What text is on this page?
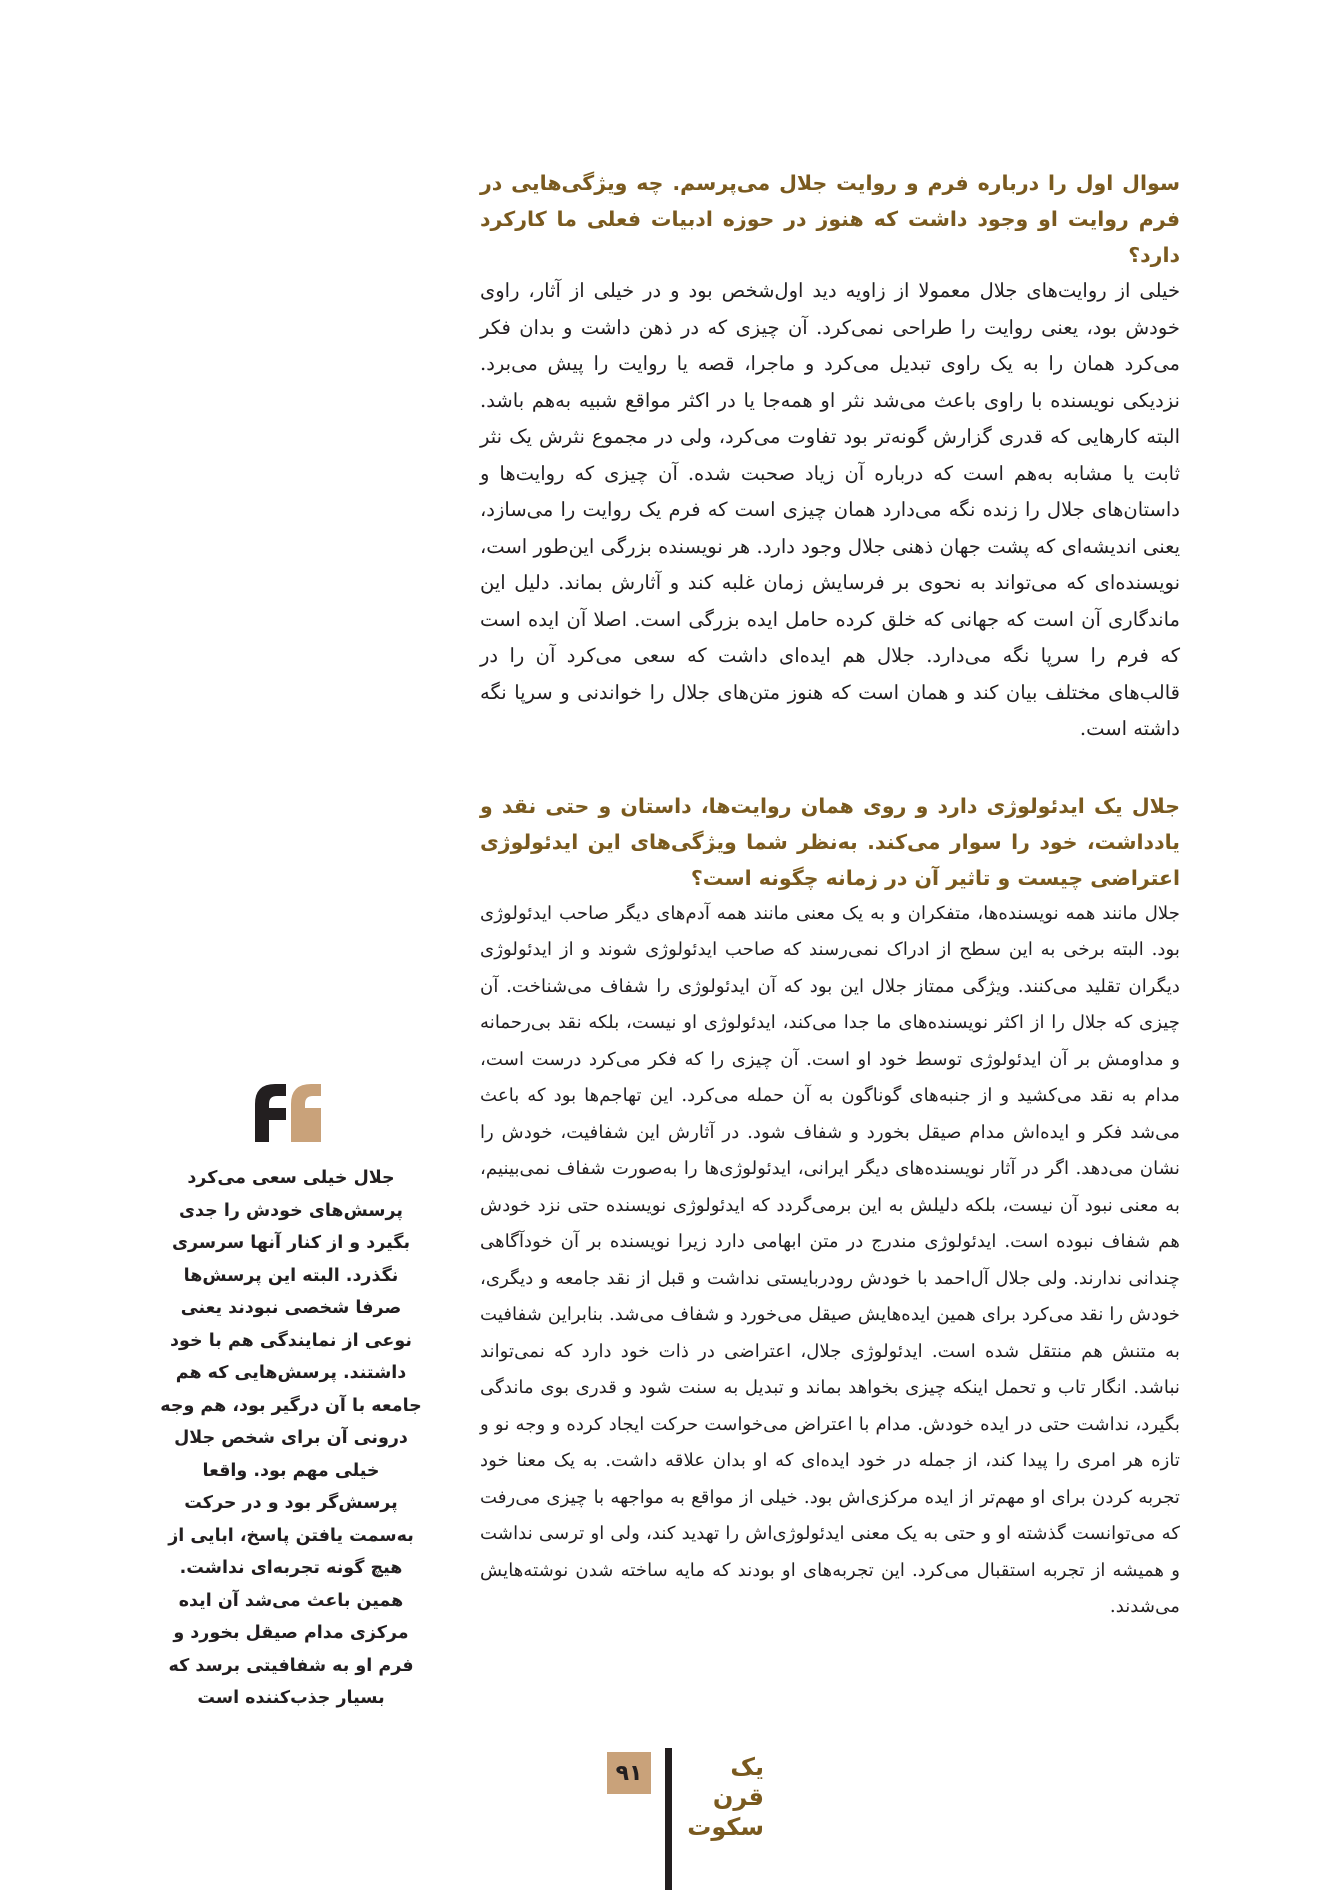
سوال اول را درباره فرم و روایت جلال می‌پرسم. چه ویژگی‌هایی در فرم روایت او وجود داشت که هنوز در حوزه ادبیات فعلی ما کارکرد دارد؟

خیلی از روایت‌های جلال معمولا از زاویه دید اول‌شخص بود و در خیلی از آثار، راوی خودش بود، یعنی روایت را طراحی نمی‌کرد. آن چیزی که در ذهن داشت و بدان فکر می‌کرد همان را به یک راوی تبدیل می‌کرد و ماجرا، قصه یا روایت را پیش می‌برد. نزدیکی نویسنده با راوی باعث می‌شد نثر او همه‌جا یا در اکثر مواقع شبیه به‌هم باشد. البته کارهایی که قدری گزارش گونه‌تر بود تفاوت می‌کرد، ولی در مجموع نثرش یک نثر ثابت یا مشابه به‌هم است که درباره آن زیاد صحبت شده. آن چیزی که روایت‌ها و داستان‌های جلال را زنده نگه می‌دارد همان چیزی است که فرم یک روایت را می‌سازد، یعنی اندیشه‌ای که پشت جهان ذهنی جلال وجود دارد. هر نویسنده بزرگی این‌طور است، نویسنده‌ای که می‌تواند به نحوی بر فرسایش زمان غلبه کند و آثارش بماند. دلیل این ماندگاری آن است که جهانی که خلق کرده حامل ایده بزرگی است. اصلا آن ایده است که فرم را سرپا نگه می‌دارد. جلال هم ایده‌ای داشت که سعی می‌کرد آن را در قالب‌های مختلف بیان کند و همان است که هنوز متن‌های جلال را خواندنی و سرپا نگه داشته است.

جلال یک ایدئولوژی دارد و روی همان روایت‌ها، داستان و حتی نقد و یادداشت، خود را سوار می‌کند. به‌نظر شما ویژگی‌های این ایدئولوژی اعتراضی چیست و تاثیر آن در زمانه چگونه است؟

جلال مانند همه نویسنده‌ها، متفکران و به یک معنی مانند همه آدم‌های دیگر صاحب ایدئولوژی بود. البته برخی به این سطح از ادراک نمی‌رسند که صاحب ایدئولوژی شوند و از ایدئولوژی دیگران تقلید می‌کنند. ویژگی ممتاز جلال این بود که آن ایدئولوژی را شفاف می‌شناخت. آن چیزی که جلال را از اکثر نویسنده‌های ما جدا می‌کند، ایدئولوژی او نیست، بلکه نقد بی‌رحمانه و مداومش بر آن ایدئولوژی توسط خود او است. آن چیزی را که فکر می‌کرد درست است، مدام به نقد می‌کشید و از جنبه‌های گوناگون به آن حمله می‌کرد. این تهاجم‌ها بود که باعث می‌شد فکر و ایده‌اش مدام صیقل بخورد و شفاف شود. در آثارش این شفافیت، خودش را نشان می‌دهد. اگر در آثار نویسنده‌های دیگر ایرانی، ایدئولوژی‌ها را به‌صورت شفاف نمی‌بینیم، به معنی نبود آن نیست، بلکه دلیلش به این برمی‌گردد که ایدئولوژی نویسنده حتی نزد خودش هم شفاف نبوده است. ایدئولوژی مندرج در متن ابهامی دارد زیرا نویسنده بر آن خودآگاهی چندانی ندارند. ولی جلال آل‌احمد با خودش رودربایستی نداشت و قبل از نقد جامعه و دیگری، خودش را نقد می‌کرد برای همین ایده‌هایش صیقل می‌خورد و شفاف می‌شد. بنابراین شفافیت به متنش هم منتقل شده است. ایدئولوژی جلال، اعتراضی در ذات خود دارد که نمی‌تواند نباشد. انگار تاب و تحمل اینکه چیزی بخواهد بماند و تبدیل به سنت شود و قدری بوی ماندگی بگیرد، نداشت حتی در ایده خودش. مدام با اعتراض می‌خواست حرکت ایجاد کرده و وجه نو و تازه هر امری را پیدا کند، از جمله در خود ایده‌ای که او بدان علاقه داشت. به یک معنا خود تجربه کردن برای او مهم‌تر از ایده مرکزی‌اش بود. خیلی از مواقع به مواجهه با چیزی می‌رفت که می‌توانست گذشته او و حتی به یک معنی ایدئولوژی‌اش را تهدید کند، ولی او ترسی نداشت و همیشه از تجربه استقبال می‌کرد. این تجربه‌های او بودند که مایه ساخته شدن نوشته‌هایش می‌شدند.

جلال خیلی سعی می‌کرد پرسش‌های خودش را جدی بگیرد و از کنار آنها سرسری نگذرد. البته این پرسش‌ها صرفا شخصی نبودند یعنی نوعی از نمایندگی هم با خود داشتند. پرسش‌هایی که هم جامعه با آن درگیر بود، هم وجه درونی آن برای شخص جلال خیلی مهم بود. واقعا پرسش‌گر بود و در حرکت به‌سمت یافتن پاسخ، ابایی از هیچ گونه تجربه‌ای نداشت. همین باعث می‌شد آن ایده مرکزی مدام صیقل بخورد و فرم او به شفافیتی برسد که بسیار جذب‌کننده است

۹۱	یک قرن
سکوت
